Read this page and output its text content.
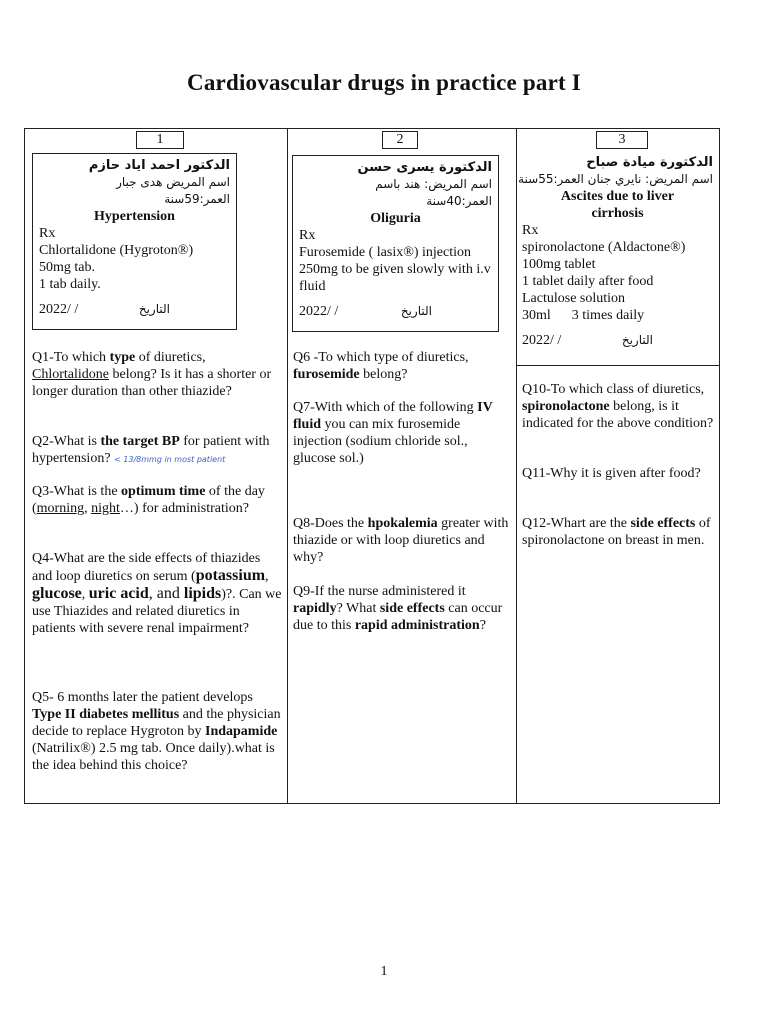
Cardiovascular drugs in practice part I
1
الدكتور احمد اياد حازم
اسم المريض هدى جبار
العمر:59سنة
Hypertension
Rx
Chlortalidone (Hygroton®)
50mg tab.
1 tab daily.
2022/ /	التاريخ
Q1-To which type of diuretics, Chlortalidone belong? Is it has a shorter or longer duration than other thiazide?
Q2-What is the target BP for patient with hypertension? < 13/8mmg in most patient
Q3-What is the optimum time of the day (morning, night…) for administration?
Q4-What are the side effects of thiazides and loop diuretics on serum (potassium, glucose, uric acid, and lipids)?. Can we use Thiazides and related diuretics in patients with severe renal impairment?
Q5- 6 months later the patient develops Type II diabetes mellitus and the physician decide to replace Hygroton by Indapamide (Natrilix®) 2.5 mg tab. Once daily).what is the idea behind this choice?
2
الدكتورة يسرى حسن
اسم المريض: هند باسم
العمر:40سنة
Oliguria
Rx
Furosemide ( lasix®) injection 250mg to be given slowly with i.v fluid
2022/ /	التاريخ
Q6 -To which type of diuretics, furosemide belong?
Q7-With which of the following IV fluid you can mix furosemide injection (sodium chloride sol., glucose sol.)
Q8-Does the hpokalemia greater with thiazide or with loop diuretics and why?
Q9-If the nurse administered it rapidly? What side effects can occur due to this rapid administration?
3
الدكتورة ميادة صباح
اسم المريض: نايري جنان العمر:55سنة
Ascites due to liver
cirrhosis
Rx
spironolactone (Aldactone®)
100mg tablet
1 tablet daily after food
Lactulose solution
30ml      3 times daily
2022/ /	التاريخ
Q10-To which class of diuretics, spironolactone belong, is it indicated for the above condition?
Q11-Why it is given after food?
Q12-Whart are the side effects of spironolactone on breast in men.
1
